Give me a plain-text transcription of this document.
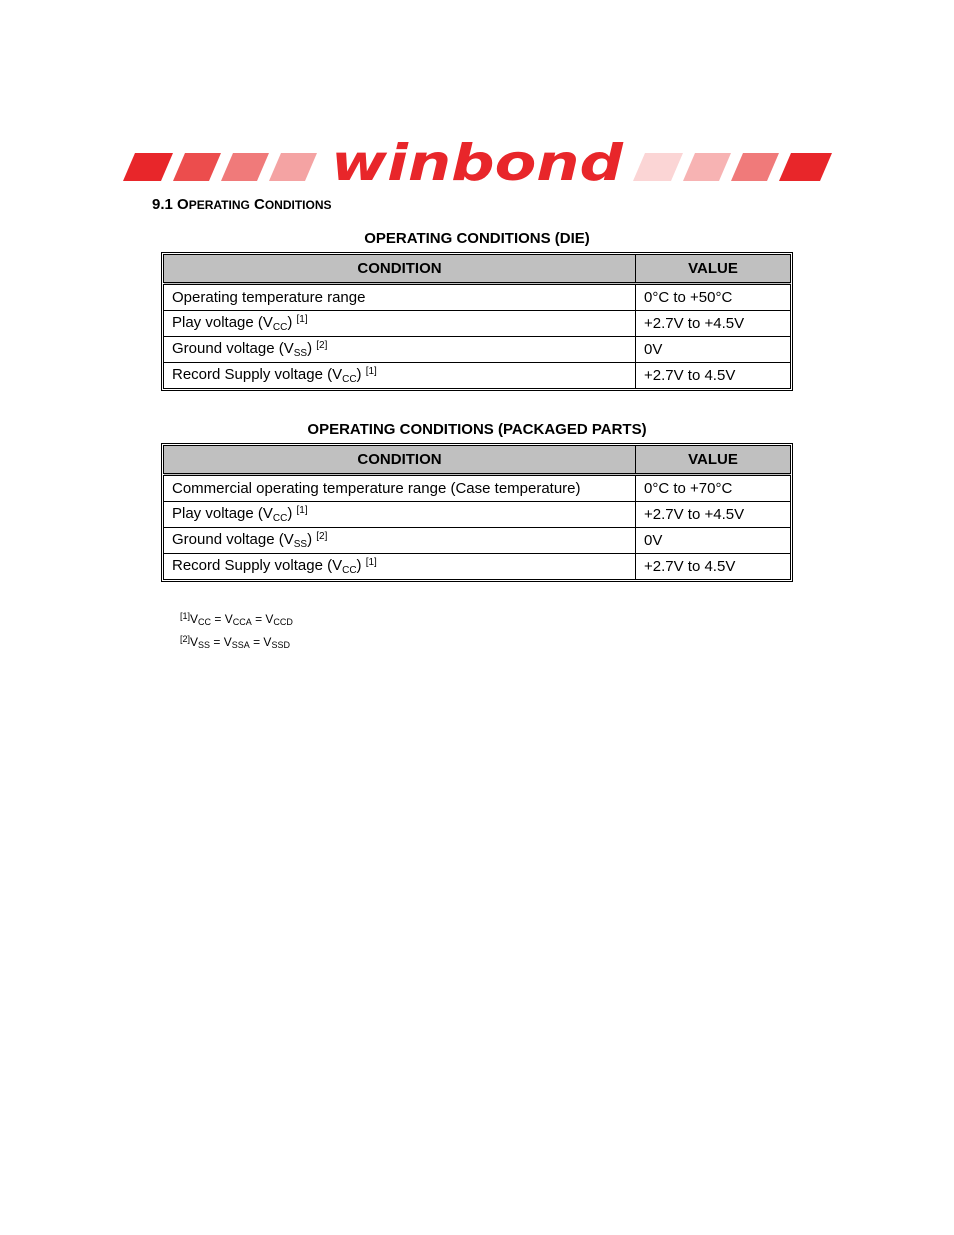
winbond
9.1 OPERATING CONDITIONS
OPERATING CONDITIONS (DIE)
CONDITION	VALUE
Operating temperature range	0°C to +50°C
Play voltage $(V_{CC})$ [1]	+2.7V to +4.5V
Ground voltage $(V_{SS})$ [2]	0V
Record Supply voltage $(V_{CC})$ [1]	+2.7V to 4.5V
OPERATING CONDITIONS (PACKAGED PARTS)
CONDITION	VALUE
Commercial operating temperature range (Case temperature)	0°C to +70°C
Play voltage $(V_{CC})$ [1]	+2.7V to +4.5V
Ground voltage $(V_{SS})$ [2]	0V
Record Supply voltage $(V_{CC})$ [1]	+2.7V to 4.5V
[1]VCC = VCCA = VCCD
[2]VSS = VSSA = VSSD
